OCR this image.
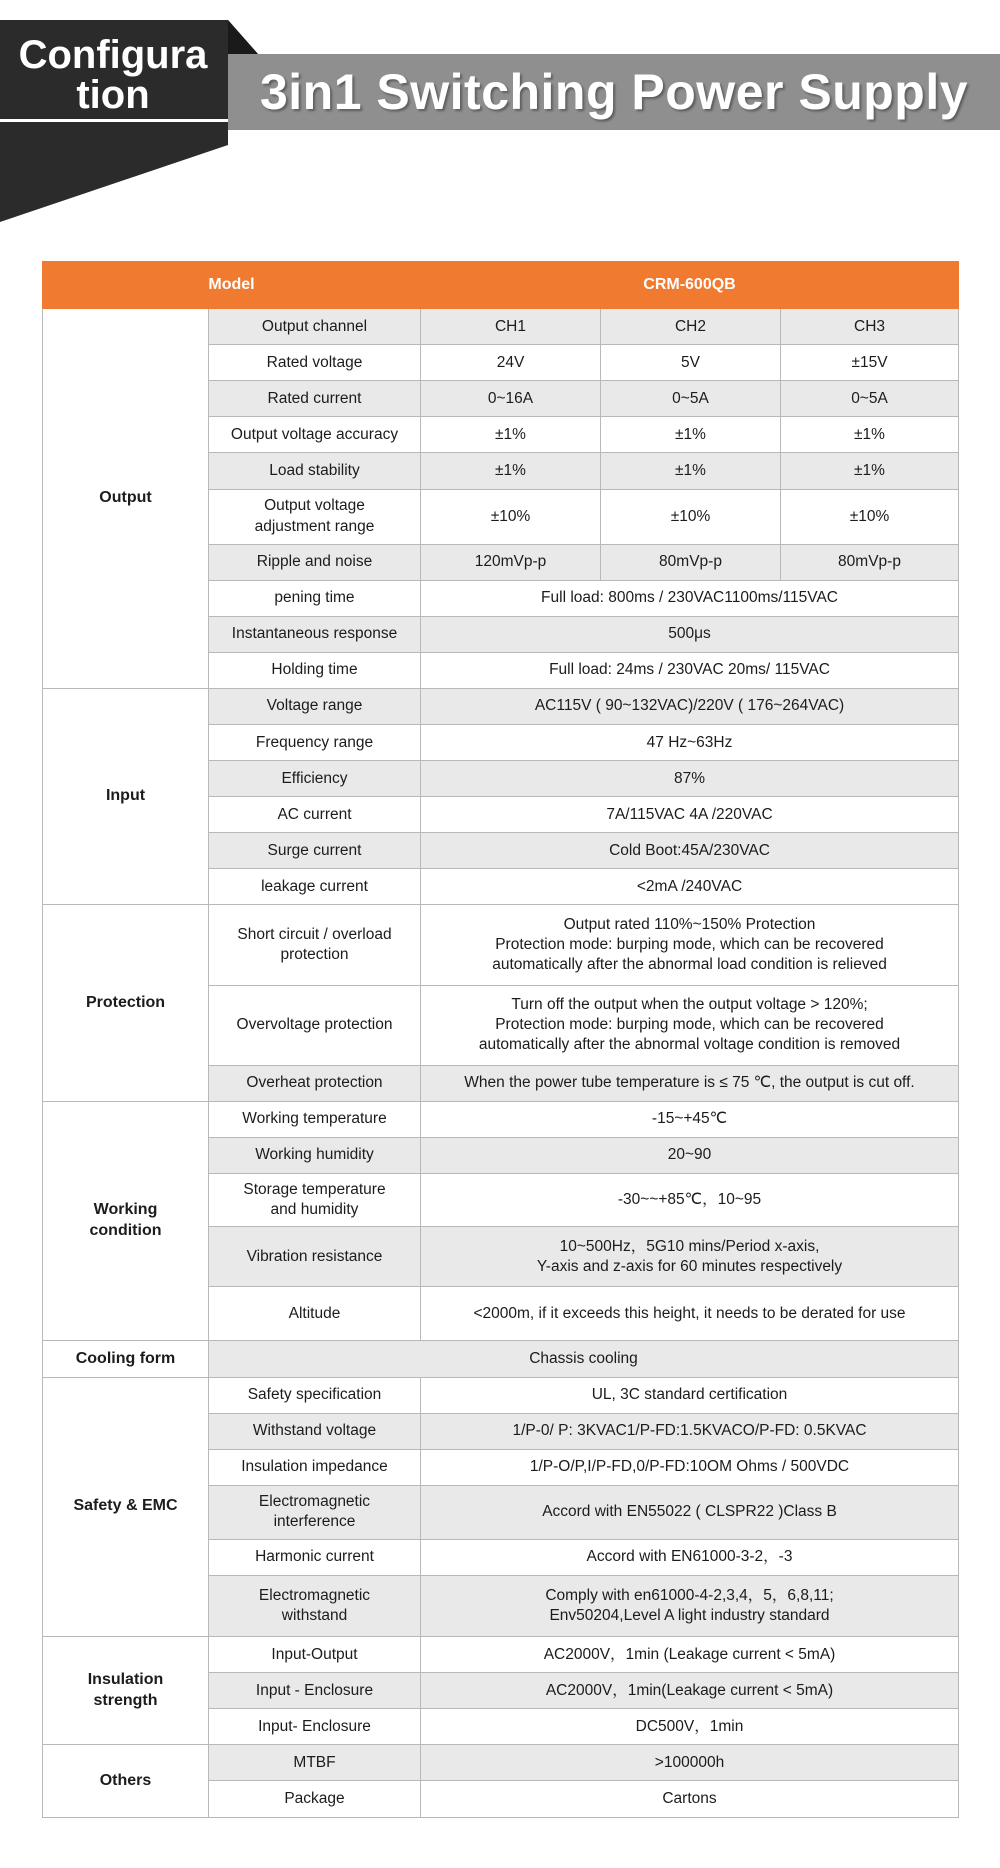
Configura
tion	3in1 Switching Power Supply
Model		CRM-600QB		
Output	Output channel	CH1	CH2	CH3
	Rated voltage	24V	5V	±15V
	Rated current	0~16A	0~5A	0~5A
	Output voltage accuracy	±1%	±1%	±1%
	Load stability	±1%	±1%	±1%

	Output voltage
adjustment range	±10%	±10%	±10%
	Ripple and noise	120mVp-p	80mVp-p	80mVp-p
	pening time	Full load: 800ms / 230VAC1100ms/115VAC		
	Instantaneous response	500μs		
	Holding time	Full load: 24ms / 230VAC 20ms/ 115VAC		
Input	Voltage range	AC115V ( 90~132VAC)/220V ( 176~264VAC)		
	Frequency range	47 Hz~63Hz		
	Efficiency	87%		
	AC current	7A/115VAC 4A /220VAC		
	Surge current	Cold Boot:45A/230VAC		
	leakage current	<2mA /240VAC		
Protection	Short circuit / overload
protection	Output rated 110%~150% Protection
Protection mode: burping mode, which can be recovered
automatically after the abnormal load condition is relieved		

	Overvoltage protection	Turn off the output when the output voltage > 120%;
Protection mode: burping mode, which can be recovered
automatically after the abnormal voltage condition is removed		

	Overheat protection	When the power tube temperature is ≤ 75 ℃, the output is cut off.		

Working
condition	Working temperature	-15~+45℃		
	Working humidity	20~90		

	Storage temperature
and humidity	-30~~+85℃，10~95		
	Vibration resistance	10~500Hz，5G10 mins/Period x-axis,
Y-axis and z-axis for 60 minutes respectively		

	Altitude	<2000m, if it exceeds this height, it needs to be derated for use		
Cooling form	Chassis cooling			
Safety & EMC	Safety specification	UL, 3C standard certification		
	Withstand voltage	1/P-0/ P: 3KVAC1/P-FD:1.5KVACO/P-FD: 0.5KVAC		
	Insulation impedance	1/P-O/P,I/P-FD,0/P-FD:10OM Ohms / 500VDC		

	Electromagnetic
interference	Accord with EN55022 ( CLSPR22 )Class B		
	Harmonic current	Accord with EN61000-3-2，-3		

	Electromagnetic
withstand	Comply with en61000-4-2,3,4，5，6,8,11;
Env50204,Level A light industry standard		

Insulation
strength	Input-Output	AC2000V，1min (Leakage current < 5mA)		
	Input - Enclosure	AC2000V，1min(Leakage current < 5mA)		
	Input- Enclosure	DC500V，1min		
Others	MTBF	>100000h		
	Package	Cartons		
